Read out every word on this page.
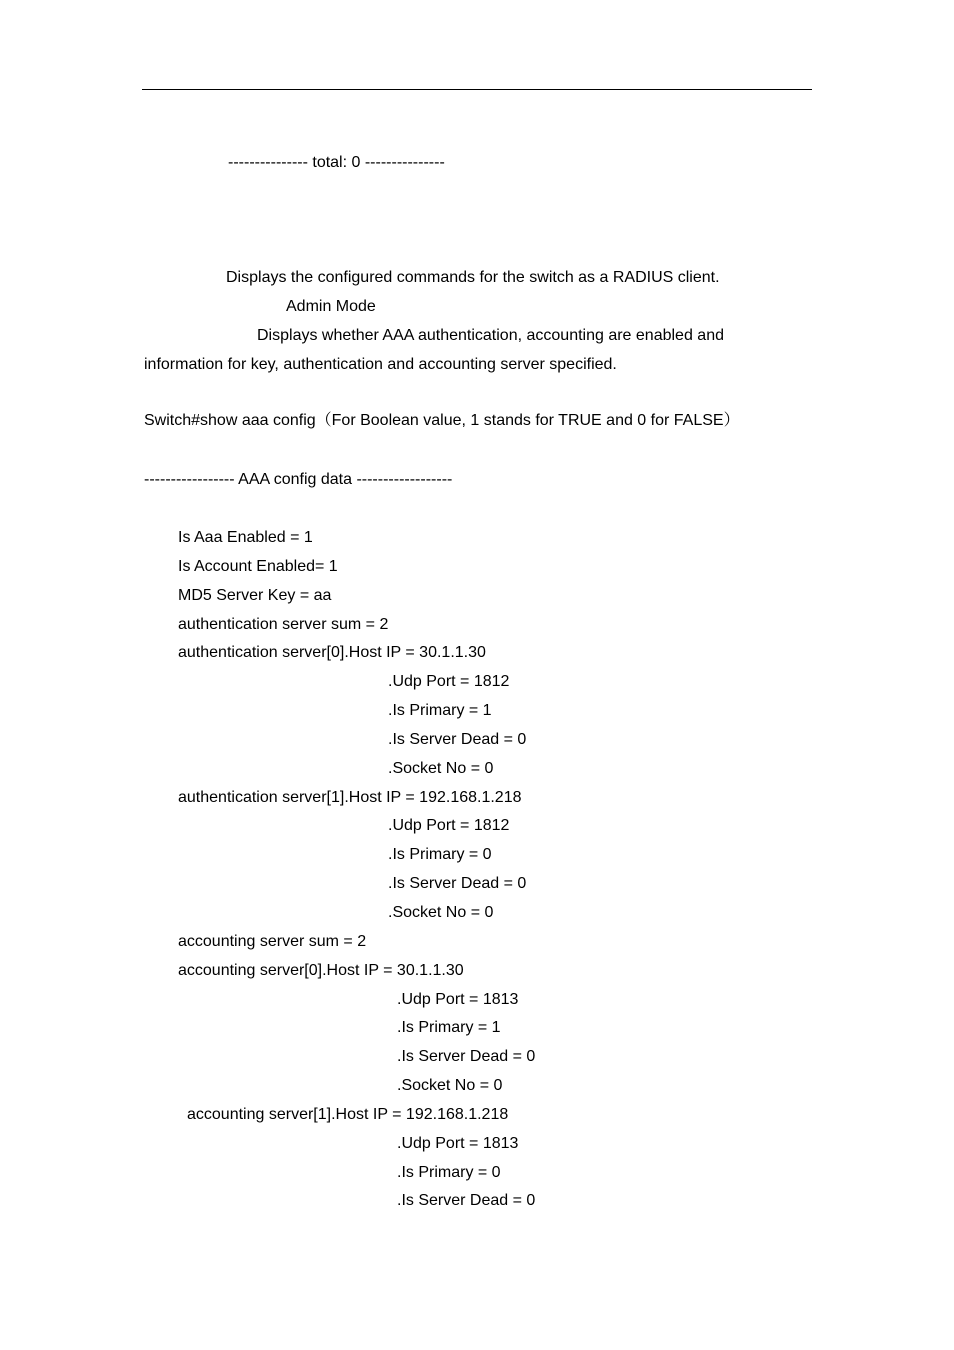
--------------- total: 0 ---------------
Displays the configured commands for the switch as a RADIUS client.
Admin Mode
Displays whether AAA authentication, accounting are enabled and
information for key, authentication and accounting server specified.
Switch#show aaa config（For Boolean value, 1 stands for TRUE and 0 for FALSE）
----------------- AAA config data ------------------
Is Aaa Enabled = 1
Is Account Enabled= 1
MD5 Server Key = aa
authentication server sum = 2
authentication server[0].Host IP = 30.1.1.30
.Udp Port = 1812
.Is Primary = 1
.Is Server Dead = 0
.Socket No = 0
authentication server[1].Host IP = 192.168.1.218
.Udp Port = 1812
.Is Primary = 0
.Is Server Dead = 0
.Socket No = 0
accounting server sum = 2
accounting server[0].Host IP = 30.1.1.30
.Udp Port = 1813
.Is Primary = 1
.Is Server Dead = 0
.Socket No = 0
accounting server[1].Host IP = 192.168.1.218
.Udp Port = 1813
.Is Primary = 0
.Is Server Dead = 0
